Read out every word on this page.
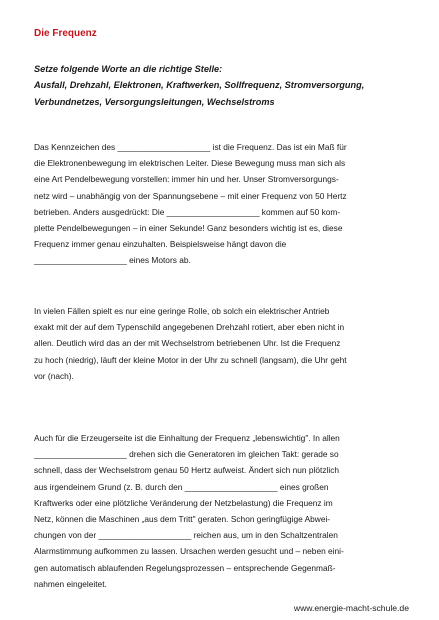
Die Frequenz

Setze folgende Worte an die richtige Stelle:

Ausfall, Drehzahl, Elektronen, Kraftwerken, Sollfrequenz, Stromversorgung,
Verbundnetzes, Versorgungsleitungen, Wechselstroms

Das Kennzeichen des ____________________ ist die Frequenz. Das ist ein Maß für
die Elektronenbewegung im elektrischen Leiter. Diese Bewegung muss man sich als
eine Art Pendelbewegung vorstellen: immer hin und her. Unser Stromversorgungs-
netz wird – unabhängig von der Spannungsebene – mit einer Frequenz von 50 Hertz
betrieben. Anders ausgedrückt: Die ____________________ kommen auf 50 kom-
plette Pendelbewegungen – in einer Sekunde! Ganz besonders wichtig ist es, diese
Frequenz immer genau einzuhalten. Beispielsweise hängt davon die
____________________ eines Motors ab.

In vielen Fällen spielt es nur eine geringe Rolle, ob solch ein elektrischer Antrieb
exakt mit der auf dem Typenschild angegebenen Drehzahl rotiert, aber eben nicht in
allen. Deutlich wird das an der mit Wechselstrom betriebenen Uhr. Ist die Frequenz
zu hoch (niedrig), läuft der kleine Motor in der Uhr zu schnell (langsam), die Uhr geht
vor (nach).

Auch für die Erzeugerseite ist die Einhaltung der Frequenz „lebenswichtig". In allen
____________________ drehen sich die Generatoren im gleichen Takt: gerade so
schnell, dass der Wechselstrom genau 50 Hertz aufweist. Ändert sich nun plötzlich
aus irgendeinem Grund (z. B. durch den ____________________ eines großen
Kraftwerks oder eine plötzliche Veränderung der Netzbelastung) die Frequenz im
Netz, können die Maschinen „aus dem Tritt" geraten. Schon geringfügige Abwei-
chungen von der ____________________ reichen aus, um in den Schaltzentralen
Alarmstimmung aufkommen zu lassen. Ursachen werden gesucht und – neben eini-
gen automatisch ablaufenden Regelungsprozessen – entsprechende Gegenmaß-
nahmen eingeleitet.

www.energie-macht-schule.de
